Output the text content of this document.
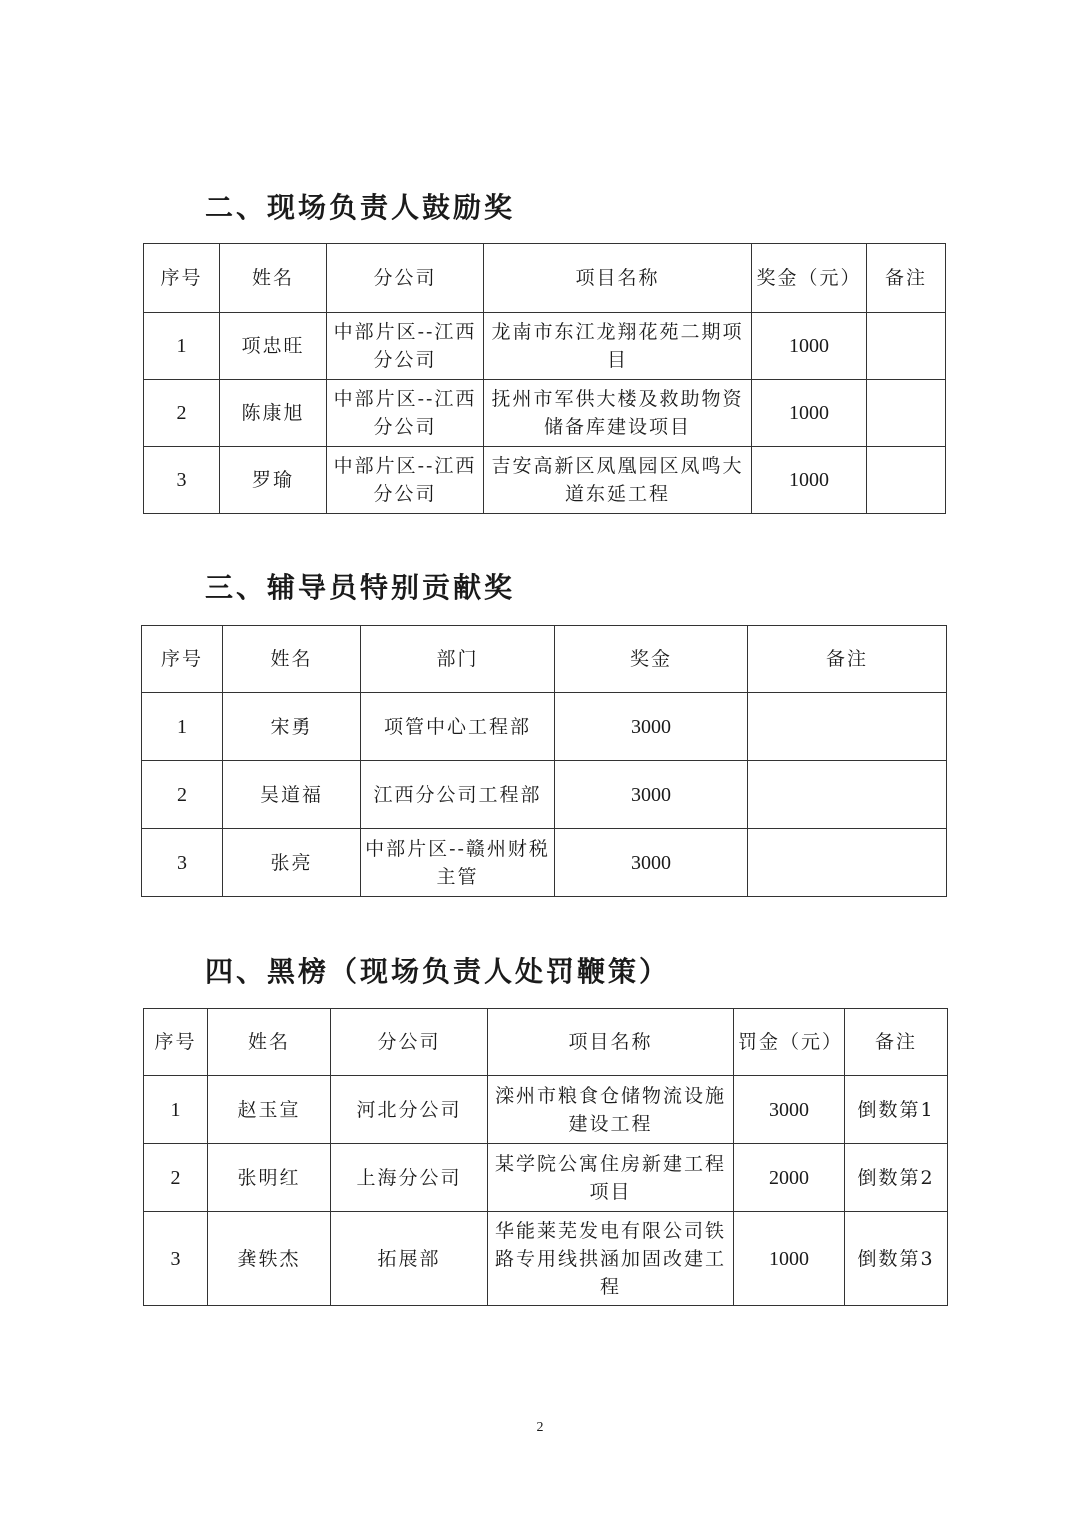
二、现场负责人鼓励奖
序号	姓名	分公司	项目名称	奖金（元）	备注
1	项忠旺	中部片区--江西分公司	龙南市东江龙翔花苑二期项目	1000	
2	陈康旭	中部片区--江西分公司	抚州市军供大楼及救助物资储备库建设项目	1000	
3	罗瑜	中部片区--江西分公司	吉安高新区凤凰园区凤鸣大道东延工程	1000	
三、辅导员特别贡献奖
序号	姓名	部门	奖金	备注
1	宋勇	项管中心工程部	3000	
2	吴道福	江西分公司工程部	3000	
3	张亮	中部片区--赣州财税主管	3000	
四、黑榜（现场负责人处罚鞭策）
序号	姓名	分公司	项目名称	罚金（元）	备注
1	赵玉宣	河北分公司	滦州市粮食仓储物流设施建设工程	3000	倒数第1
2	张明红	上海分公司	某学院公寓住房新建工程项目	2000	倒数第2
3	龚轶杰	拓展部	华能莱芜发电有限公司铁路专用线拱涵加固改建工程	1000	倒数第3
2
